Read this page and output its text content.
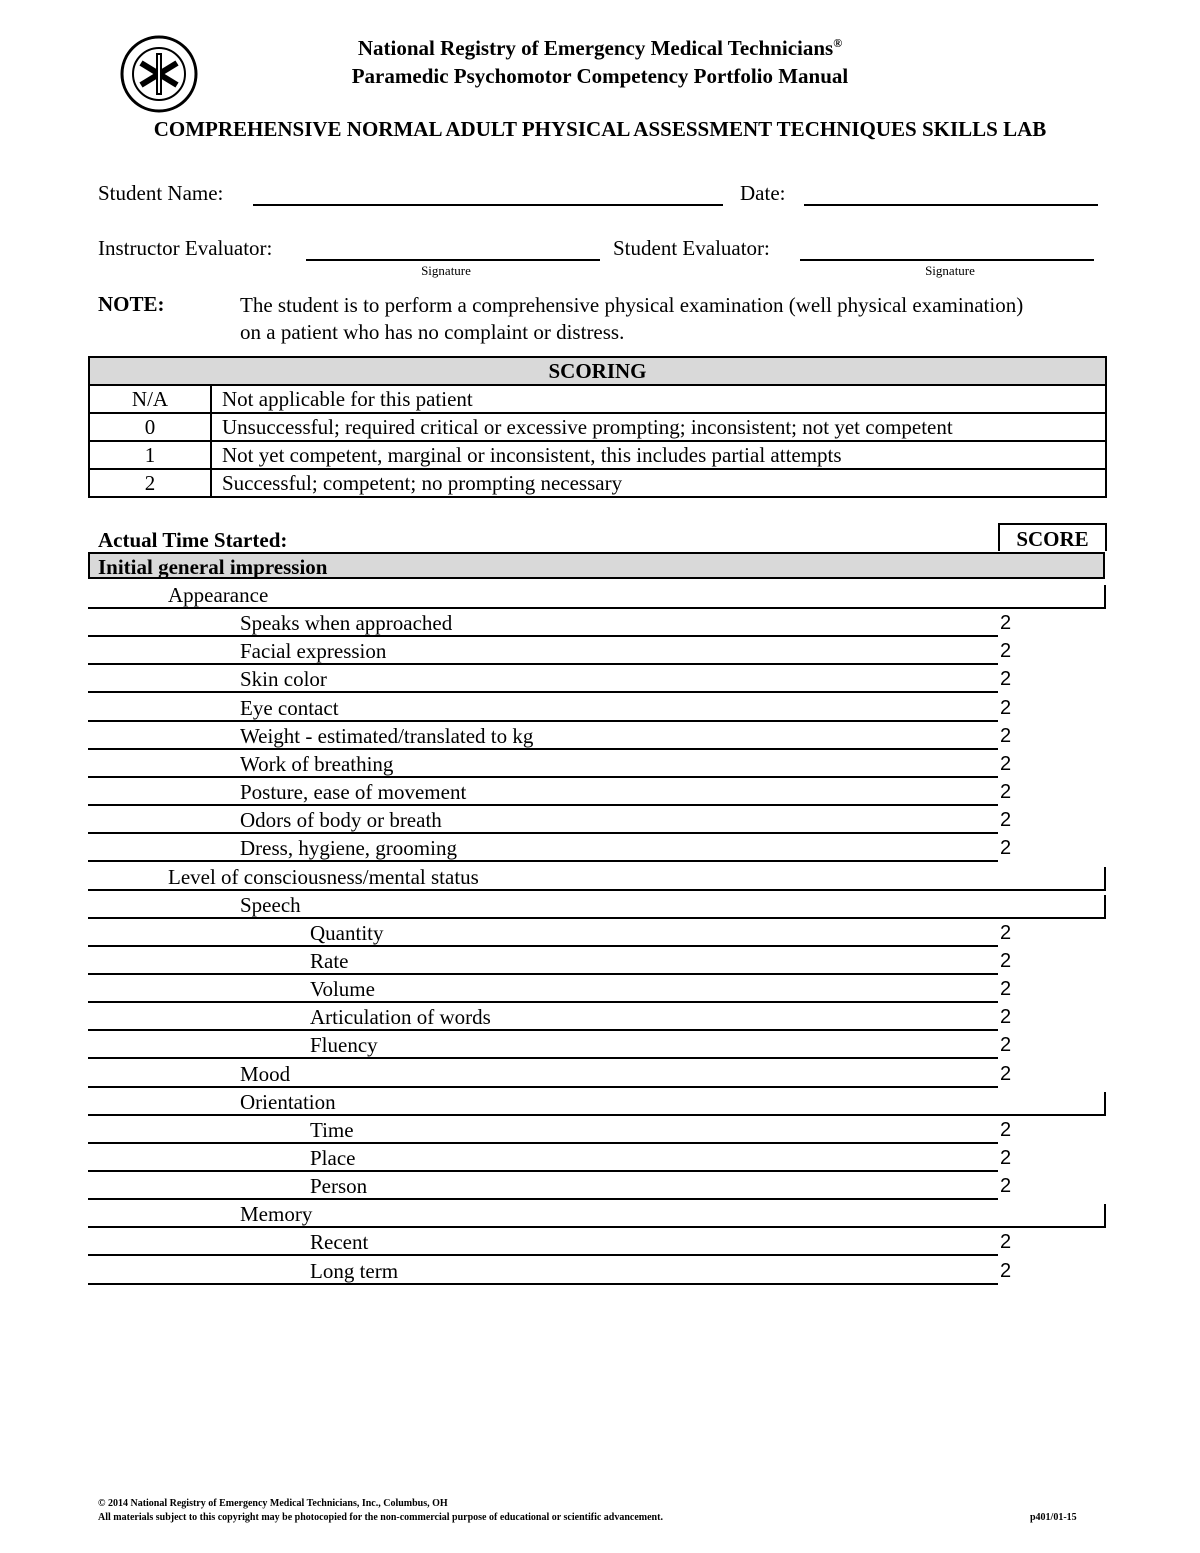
National Registry of Emergency Medical Technicians®
Paramedic Psychomotor Competency Portfolio Manual
COMPREHENSIVE NORMAL ADULT PHYSICAL ASSESSMENT TECHNIQUES SKILLS LAB
Student Name:	Date:
Instructor Evaluator:
Signature
Student Evaluator:
Signature
NOTE:	The student is to perform a comprehensive physical examination (well physical examination) on a patient who has no complaint or distress.
SCORING	
N/A	Not applicable for this patient
0	Unsuccessful; required critical or excessive prompting; inconsistent; not yet competent
1	Not yet competent, marginal or inconsistent, this includes partial attempts
2	Successful; competent; no prompting necessary
Actual Time Started:	SCORE
Initial general impression
Appearance
Speaks when approached	2
Facial expression	2
Skin color	2
Eye contact	2
Weight - estimated/translated to kg	2
Work of breathing	2
Posture, ease of movement	2
Odors of body or breath	2
Dress, hygiene, grooming	2
Level of consciousness/mental status
Speech
Quantity	2
Rate	2
Volume	2
Articulation of words	2
Fluency	2
Mood	2
Orientation
Time	2
Place	2
Person	2
Memory
Recent	2
Long term	2
© 2014 National Registry of Emergency Medical Technicians, Inc., Columbus, OH
All materials subject to this copyright may be photocopied for the non-commercial purpose of educational or scientific advancement.	p401/01-15
